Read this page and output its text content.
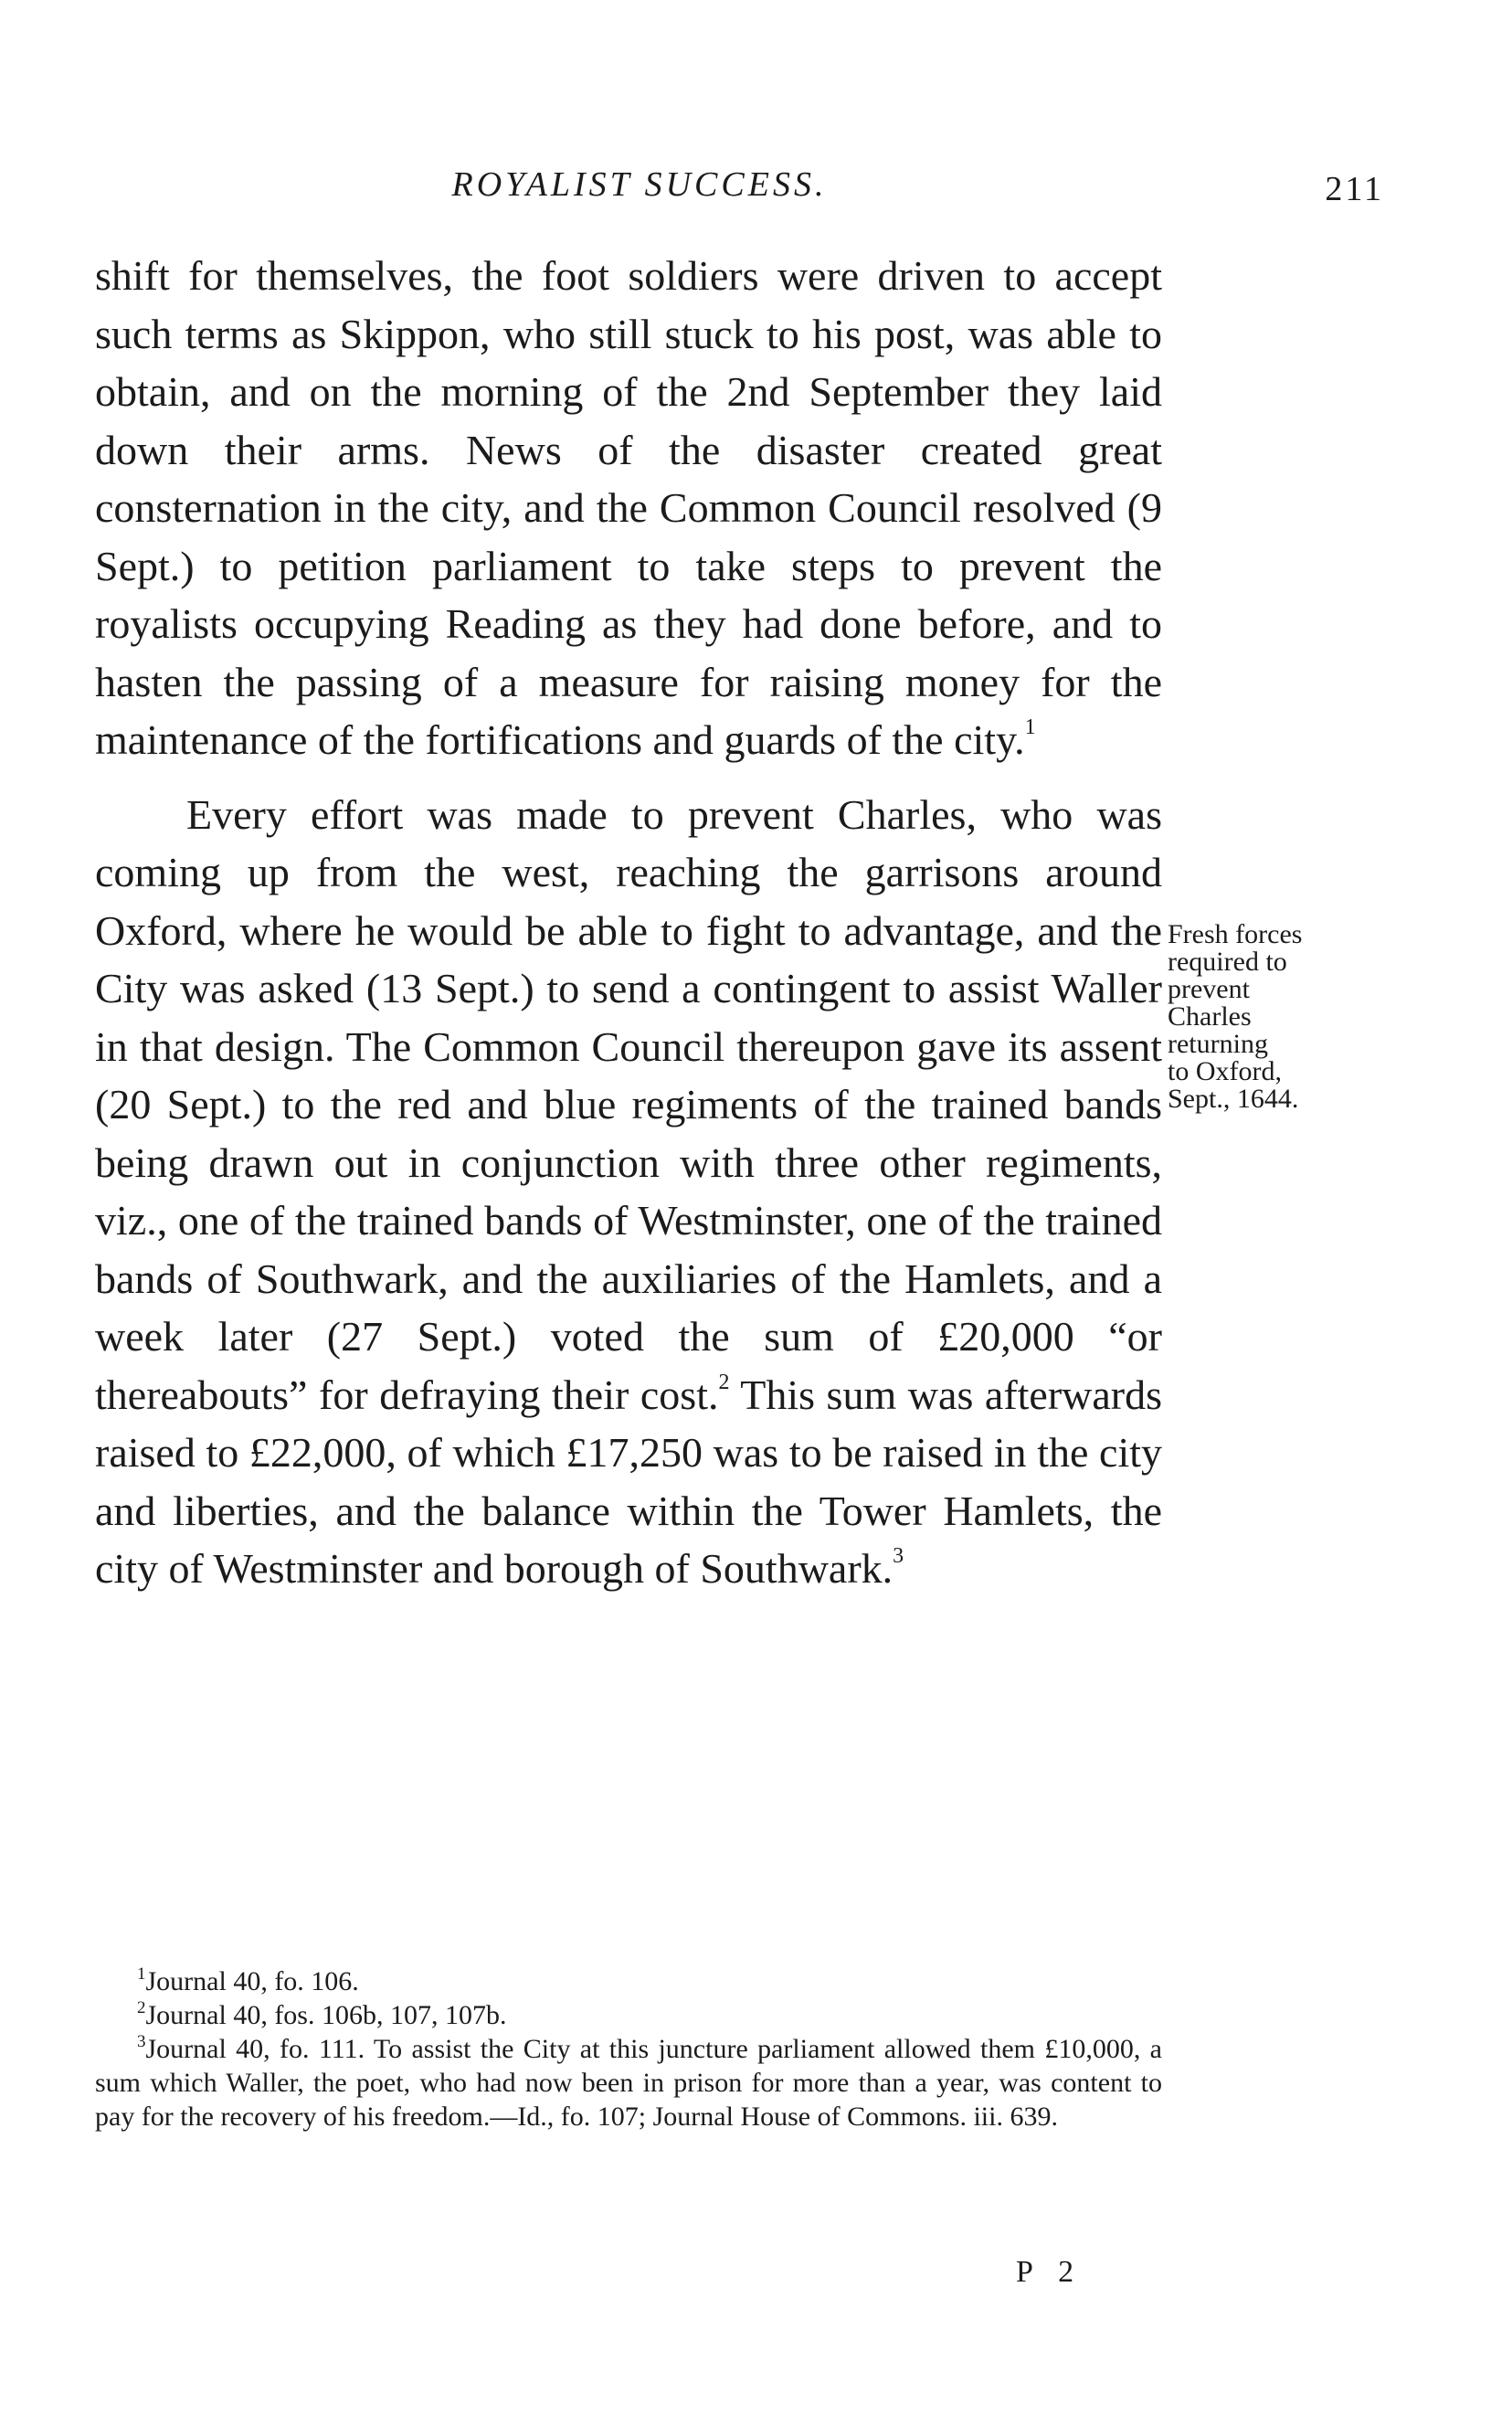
ROYALIST SUCCESS.	211

shift for themselves, the foot soldiers were driven to accept such terms as Skippon, who still stuck to his post, was able to obtain, and on the morning of the 2nd September they laid down their arms. News of the disaster created great consternation in the city, and the Common Council resolved (9 Sept.) to petition parliament to take steps to prevent the royalists occupying Reading as they had done before, and to hasten the passing of a measure for raising money for the maintenance of the fortifications and guards of the city.$^1$

Every effort was made to prevent Charles, who was coming up from the west, reaching the garrisons around Oxford, where he would be able to fight to advantage, and the City was asked (13 Sept.) to send a contingent to assist Waller in that design. The Common Council thereupon gave its assent (20 Sept.) to the red and blue regiments of the trained bands being drawn out in conjunction with three other regiments, viz., one of the trained bands of Westminster, one of the trained bands of Southwark, and the auxiliaries of the Hamlets, and a week later (27 Sept.) voted the sum of £20,000 “or thereabouts” for defraying their cost.$^2$ This sum was afterwards raised to £22,000, of which £17,250 was to be raised in the city and liberties, and the balance within the Tower Hamlets, the city of Westminster and borough of Southwark.$^3$

Fresh forces
required to
prevent
Charles
returning
to Oxford,
Sept., 1644.

$^1$Journal 40, fo. 106.

$^2$Journal 40, fos. 106b, 107, 107b.

$^3$Journal 40, fo. 111. To assist the City at this juncture parliament allowed them £10,000, a sum which Waller, the poet, who had now been in prison for more than a year, was content to pay for the recovery of his freedom.—Id., fo. 107; Journal House of Commons. iii. 639.

P 2
